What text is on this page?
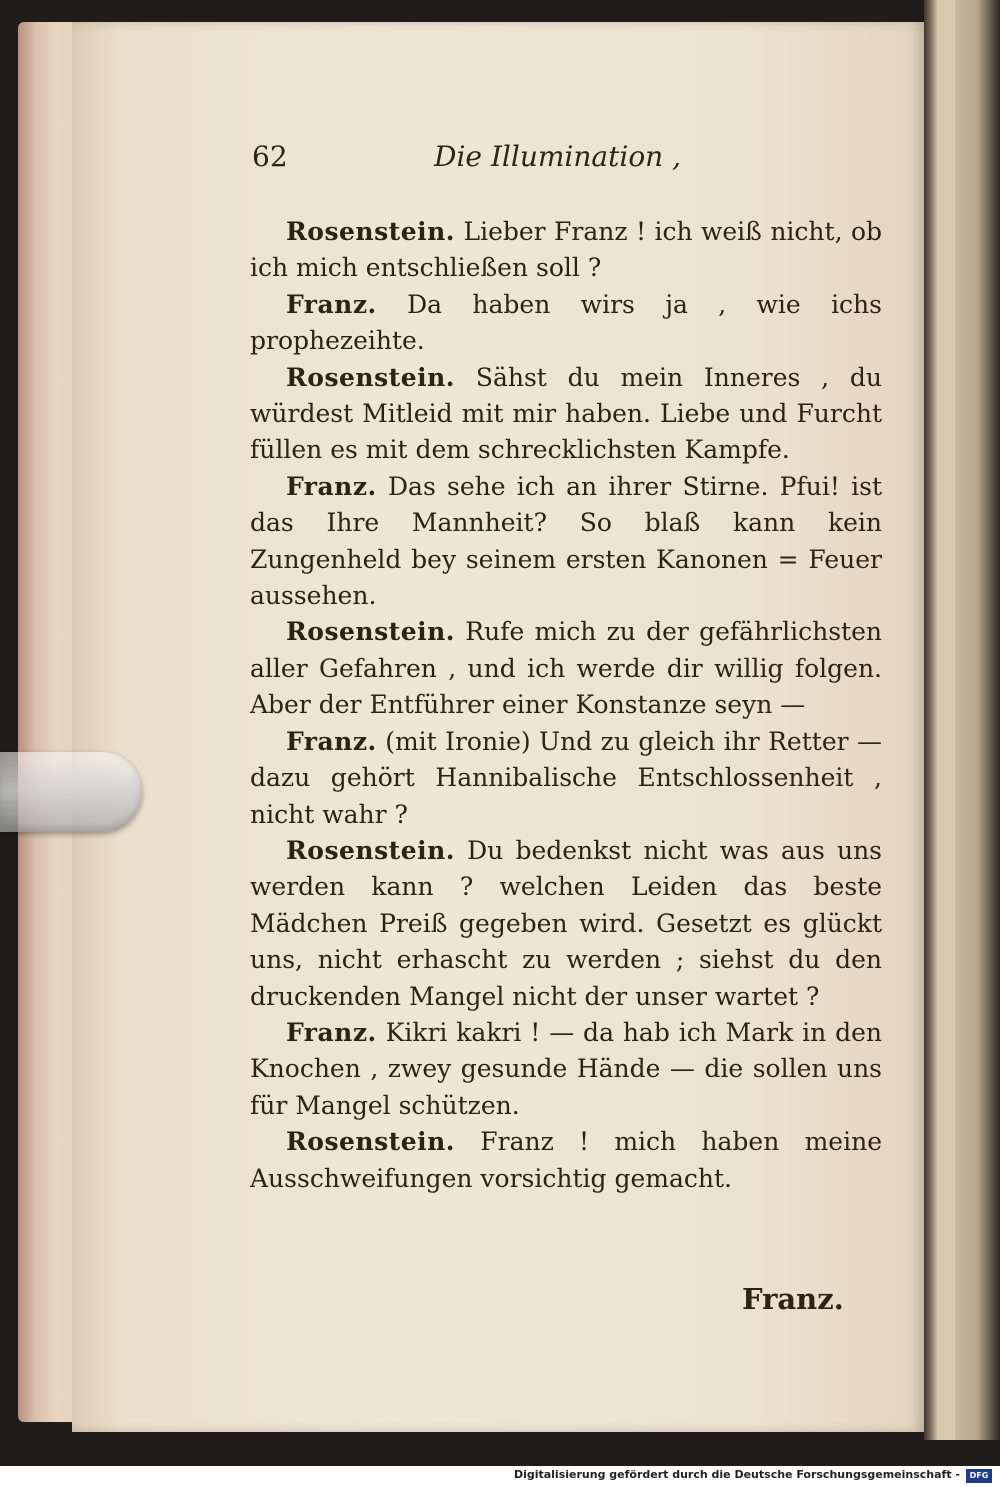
62	Die Illumination ,

Rosenstein. Lieber Franz ! ich weiß nicht, ob ich mich entschließen soll ?

Franz. Da haben wirs ja , wie ichs prophezeihte.

Rosenstein. Sähst du mein Inneres , du würdest Mitleid mit mir haben. Liebe und Furcht füllen es mit dem schrecklichsten Kampfe.

Franz. Das sehe ich an ihrer Stirne. Pfui! ist das Ihre Mannheit? So blaß kann kein Zungenheld bey seinem ersten Kanonen = Feuer aussehen.

Rosenstein. Rufe mich zu der gefährlichsten aller Gefahren , und ich werde dir willig folgen. Aber der Entführer einer Konstanze seyn —

Franz. (mit Ironie) Und zu gleich ihr Retter — dazu gehört Hannibalische Entschlossenheit , nicht wahr ?

Rosenstein. Du bedenkst nicht was aus uns werden kann ? welchen Leiden das beste Mädchen Preiß gegeben wird. Gesetzt es glückt uns, nicht erhascht zu werden ; siehst du den druckenden Mangel nicht der unser wartet ?

Franz. Kikri kakri ! — da hab ich Mark in den Knochen , zwey gesunde Hände — die sollen uns für Mangel schützen.

Rosenstein. Franz ! mich haben meine Ausschweifungen vorsichtig gemacht.

Franz.
Digitalisierung gefördert durch die Deutsche Forschungsgemeinschaft -	DFG
